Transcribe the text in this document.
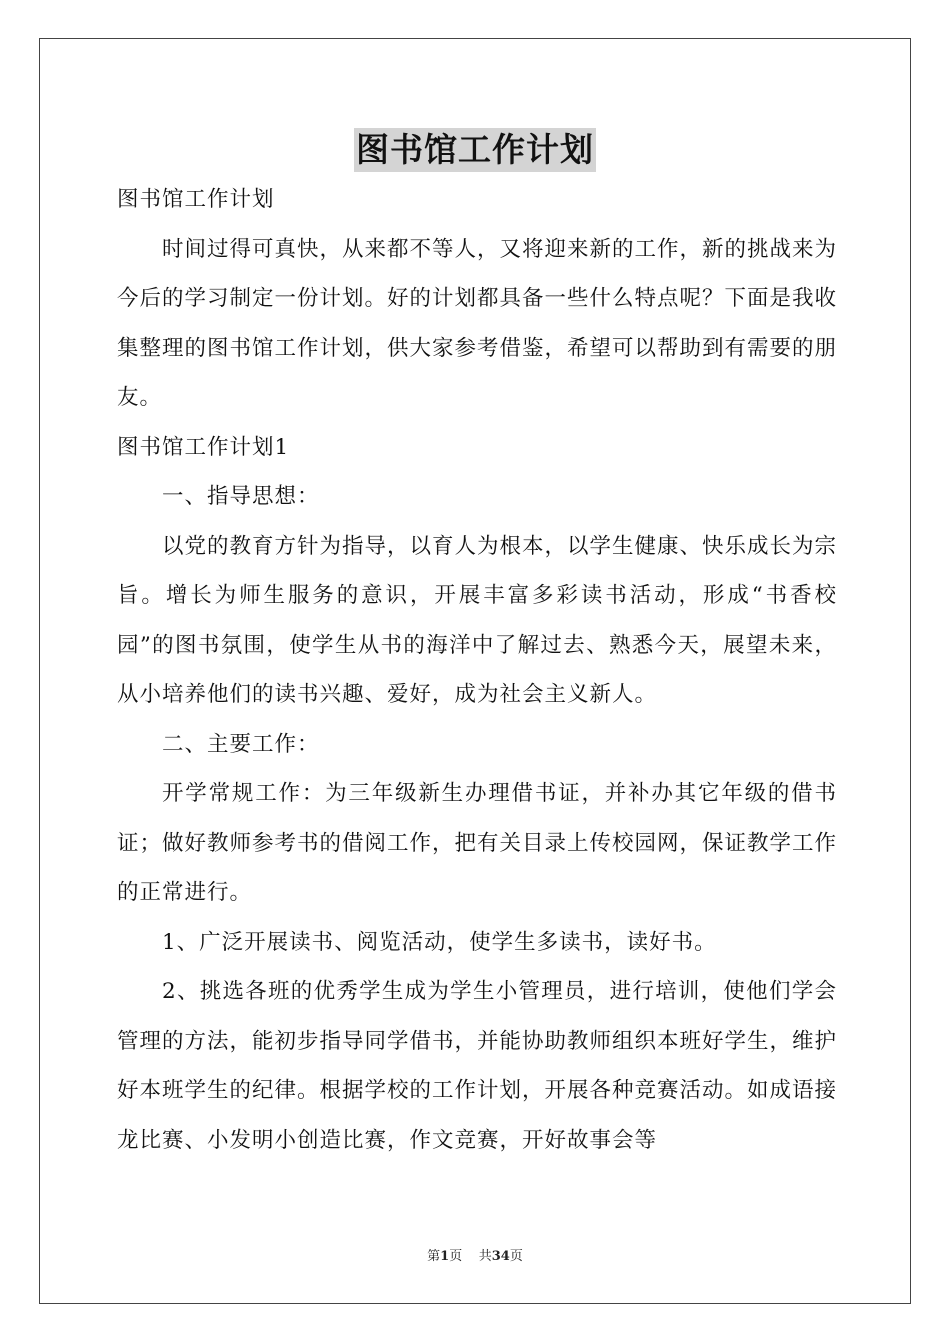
图书馆工作计划

图书馆工作计划

时间过得可真快，从来都不等人，又将迎来新的工作，新的挑战来为今后的学习制定一份计划。好的计划都具备一些什么特点呢？下面是我收集整理的图书馆工作计划，供大家参考借鉴，希望可以帮助到有需要的朋友。

图书馆工作计划1

一、指导思想：

以党的教育方针为指导，以育人为根本，以学生健康、快乐成长为宗旨。增长为师生服务的意识，开展丰富多彩读书活动，形成“书香校园”的图书氛围，使学生从书的海洋中了解过去、熟悉今天，展望未来，从小培养他们的读书兴趣、爱好，成为社会主义新人。

二、主要工作：

开学常规工作：为三年级新生办理借书证，并补办其它年级的借书证；做好教师参考书的借阅工作，把有关目录上传校园网，保证教学工作的正常进行。

1、广泛开展读书、阅览活动，使学生多读书，读好书。

2、挑选各班的优秀学生成为学生小管理员，进行培训，使他们学会管理的方法，能初步指导同学借书，并能协助教师组织本班好学生，维护好本班学生的纪律。根据学校的工作计划，开展各种竞赛活动。如成语接龙比赛、小发明小创造比赛，作文竞赛，开好故事会等

第1页 共34页
